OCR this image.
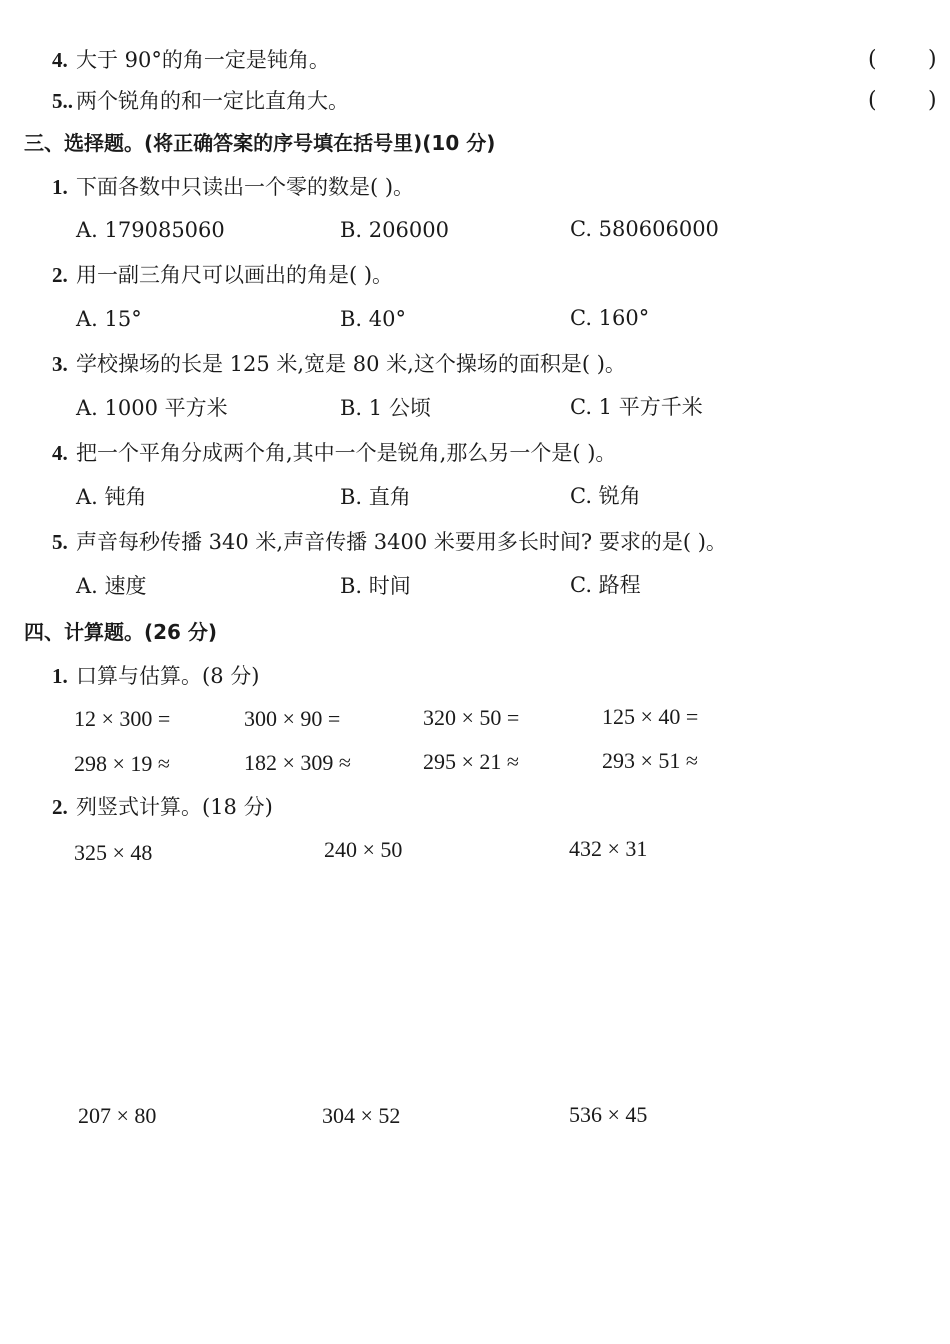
4. 大于 90°的角一定是钝角。	( )
5.. 两个锐角的和一定比直角大。	( )
三、选择题。(将正确答案的序号填在括号里)(10 分)
1. 下面各数中只读出一个零的数是( )。
A. 179085060	B. 206000	C. 580606000
2. 用一副三角尺可以画出的角是( )。
A. 15°	B. 40°	C. 160°
3. 学校操场的长是 125 米,宽是 80 米,这个操场的面积是( )。
A. 1000 平方米	B. 1 公顷	C. 1 平方千米
4. 把一个平角分成两个角,其中一个是锐角,那么另一个是( )。
A. 钝角	B. 直角	C. 锐角
5. 声音每秒传播 340 米,声音传播 3400 米要用多长时间? 要求的是( )。
A. 速度	B. 时间	C. 路程
四、计算题。(26 分)
1. 口算与估算。(8 分)
12 × 300 =	300 × 90 =	320 × 50 =	125 × 40 =
298 × 19 ≈	182 × 309 ≈	295 × 21 ≈	293 × 51 ≈
2. 列竖式计算。(18 分)
325 × 48	240 × 50	432 × 31
207 × 80	304 × 52	536 × 45
